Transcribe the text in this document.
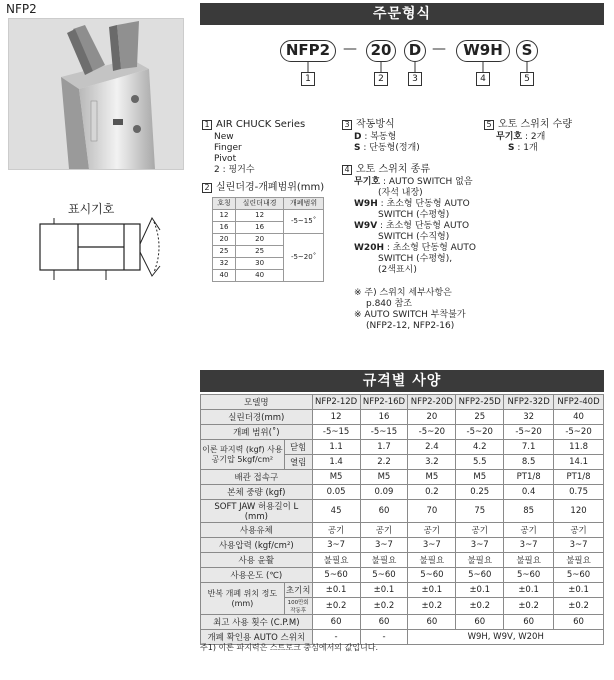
NFP2
표시기호
주문형식
NFP2 — 20	D —	W9H	S
1	2	3	4	5
1 AIR CHUCK Series
New
Finger
Pivot
2 : 핑거수
2 실린더경-개폐범위(mm)
호칭	실린더내경	개폐범위
12	12	-5~15˚
16	16	
20	20	-5~20˚
25	25	
32	30	
40	40	
3 작동방식
D : 복동형
S : 단동형(정개)
4 오토 스위치 종류
무기호 : AUTO SWITCH 없음
(자석 내장)
W9H : 초소형 단동형 AUTO
SWITCH (수평형)
W9V : 초소형 단동형 AUTO
SWITCH (수직형)
W20H : 초소형 단동형 AUTO
SWITCH (수평형),
(2색표시)
※ 주) 스위치 세부사항은
p.840 참조
※ AUTO SWITCH 부착불가
(NFP2-12, NFP2-16)
5 오토 스위치 수량
무기호 : 2개
S : 1개
규격별 사양
모델명		NFP2-12D	NFP2-16D	NFP2-20D	NFP2-25D	NFP2-32D	NFP2-40D
실린더경(mm)		12	16	20	25	32	40
개폐 범위(˚)		-5~15	-5~15	-5~20	-5~20	-5~20	-5~20
이론 파지력 (kgf) 사용공기압 5kgf/cm²	닫힘	1.1	1.7	2.4	4.2	7.1	11.8
	열림	1.4	2.2	3.2	5.5	8.5	14.1
배관 접속구		M5	M5	M5	M5	PT1/8	PT1/8
본체 중량 (kgf)		0.05	0.09	0.2	0.25	0.4	0.75
SOFT JAW 허용길이 L (mm)		45	60	70	75	85	120
사용유체		공기	공기	공기	공기	공기	공기
사용압력 (kgf/cm²)		3~7	3~7	3~7	3~7	3~7	3~7
사용 윤활		불필요	불필요	불필요	불필요	불필요	불필요
사용온도 (℃)		5~60	5~60	5~60	5~60	5~60	5~60
반복 개폐 위치 정도 (mm)	초기치	±0.1	±0.1	±0.1	±0.1	±0.1	±0.1
	100만회 작동후	±0.2	±0.2	±0.2	±0.2	±0.2	±0.2
최고 사용 횟수 (C.P.M)		60	60	60	60	60	60
개폐 확인용 AUTO 스위치		-	-	W9H, W9V, W20H			
주1) 이론 파지력은 스트로크 중심에서의 값입니다.
